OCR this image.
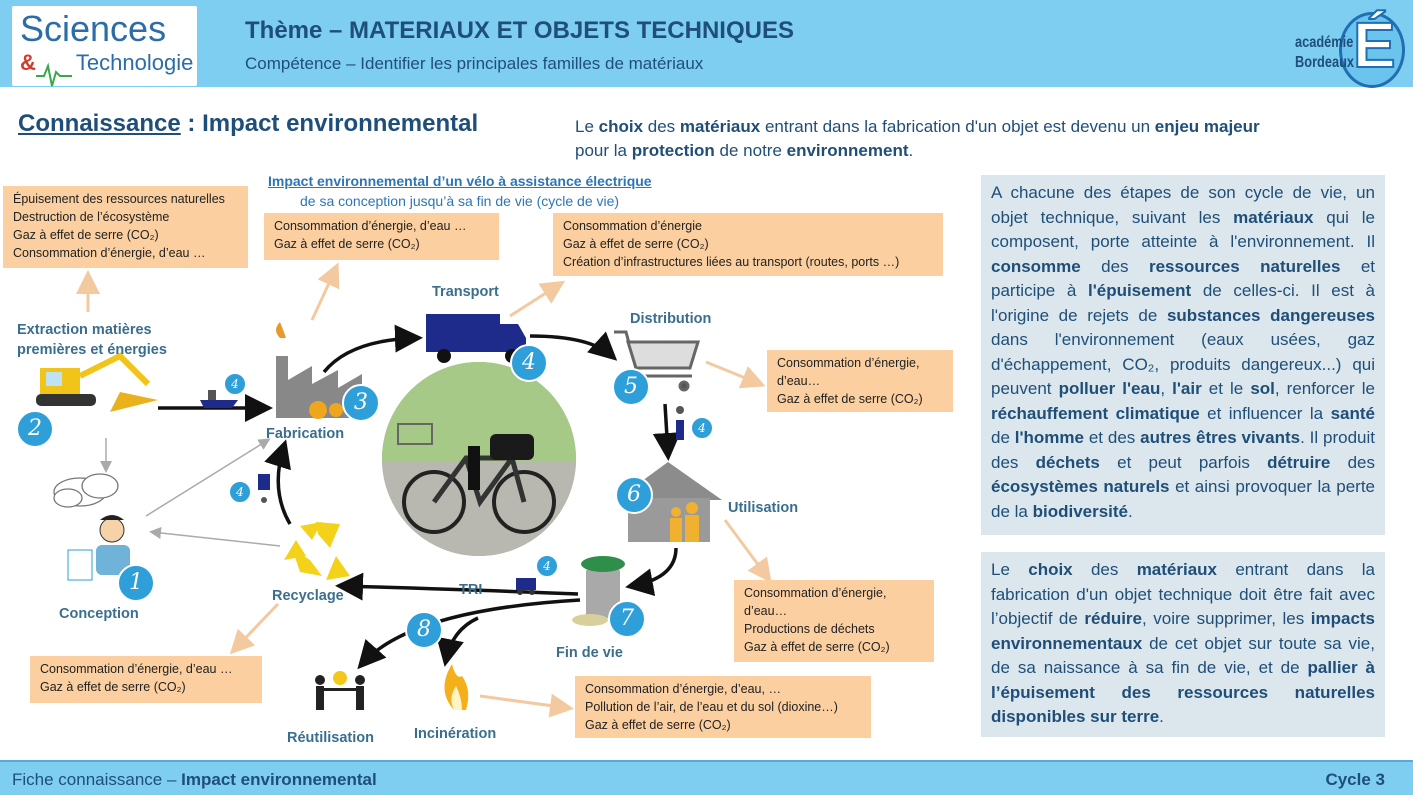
Sciences
& Technologie
Thème – MATERIAUX ET OBJETS TECHNIQUES
Compétence – Identifier les principales familles de matériaux	É
académie
Bordeaux
Connaissance : Impact environnemental	Le choix des matériaux entrant dans la fabrication d'un objet est devenu un enjeu majeur
pour la protection de notre environnement.
Impact environnemental d’un vélo à assistance électrique
de sa conception jusqu’à sa fin de vie (cycle de vie)
Extraction matières premières et énergies
Conception
Fabrication
Transport
Distribution
Utilisation
Fin de vie
Recyclage	TRI
Réutilisation	Incinération
1
2
3
4
5
6
7
8
4
4
4
4
Épuisement des ressources naturelles
Destruction de l’écosystème
Gaz à effet de serre (CO₂)
Consommation d’énergie, d’eau …
Consommation d’énergie, d’eau …
Gaz à effet de serre (CO₂)
Consommation d’énergie
Gaz à effet de serre (CO₂)
Création d’infrastructures liées au transport (routes, ports …)
Consommation d’énergie,
d’eau…
Gaz à effet de serre (CO₂)
Consommation d’énergie,
d’eau…
Productions de déchets
Gaz à effet de serre (CO₂)
Consommation d’énergie, d’eau, …
Pollution de l’air, de l’eau et du sol (dioxine…)
Gaz à effet de serre (CO₂)
Consommation d’énergie, d’eau …
Gaz à effet de serre (CO₂)
A chacune des étapes de son cycle de vie, un objet technique, suivant les matériaux qui le composent, porte atteinte à l'environnement. Il consomme des ressources naturelles et participe à l'épuisement de celles-ci. Il est à l'origine de rejets de substances dangereuses dans l'environnement (eaux usées, gaz d'échappement, CO₂, produits dangereux...) qui peuvent polluer l'eau, l'air et le sol, renforcer le réchauffement climatique et influencer la santé de l'homme et des autres êtres vivants. Il produit des déchets et peut parfois détruire des écosystèmes naturels et ainsi provoquer la perte de la biodiversité.
Le choix des matériaux entrant dans la fabrication d'un objet technique doit être fait avec l’objectif de réduire, voire supprimer, les impacts environnementaux de cet objet sur toute sa vie, de sa naissance à sa fin de vie, et de pallier à l’épuisement des ressources naturelles disponibles sur terre.
Fiche connaissance – Impact environnemental	Cycle 3
